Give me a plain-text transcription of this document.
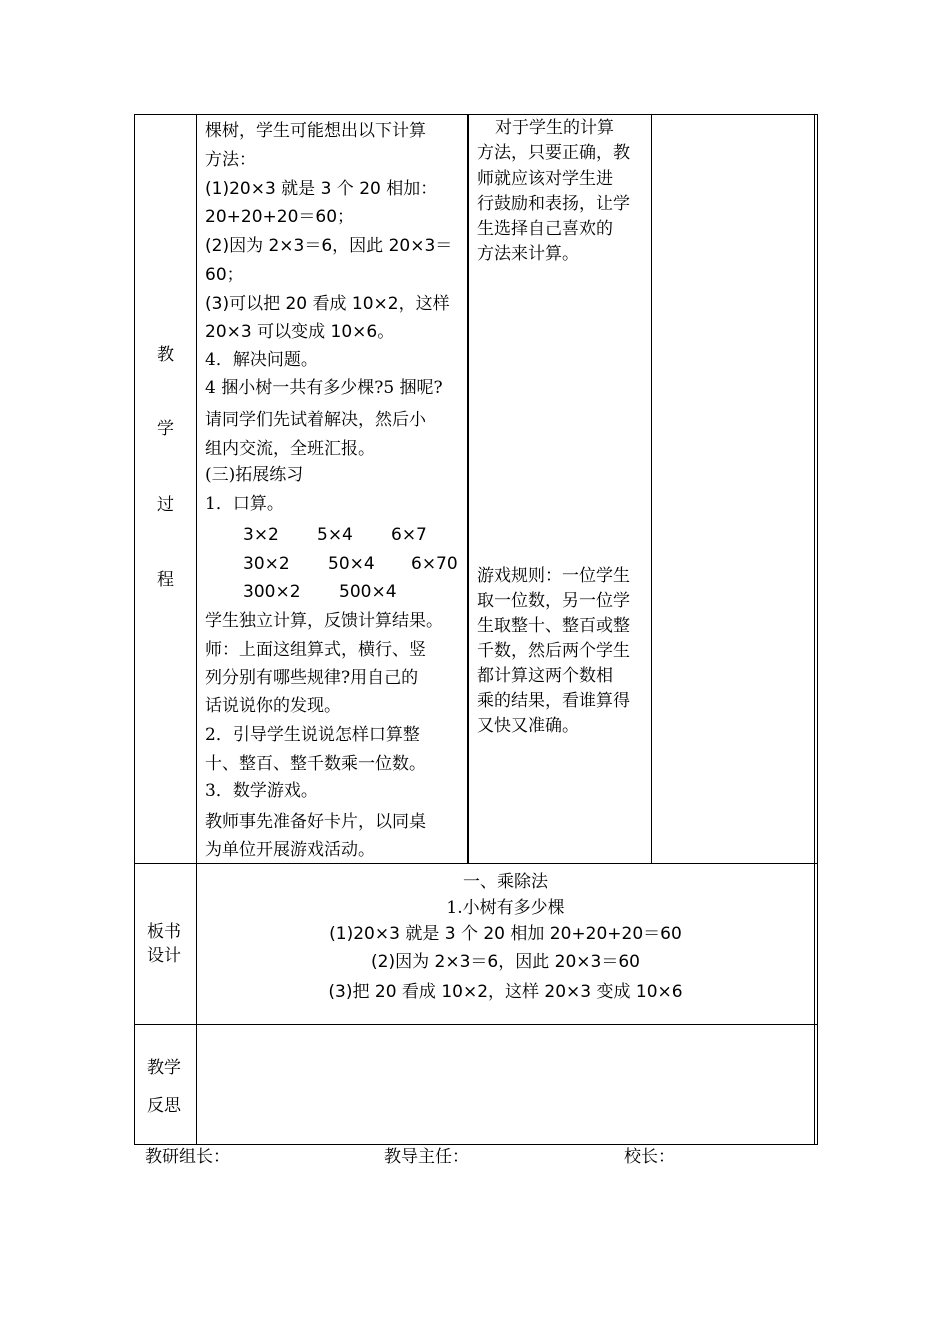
教
学
过
程
棵树，学生可能想出以下计算
方法：
(1)20×3 就是 3 个 20 相加：
20+20+20＝60；
(2)因为 2×3＝6，因此 20×3＝
60；
(3)可以把 20 看成 10×2，这样
20×3 可以变成 10×6。
4．解决问题。
4 捆小树一共有多少棵?5 捆呢?
请同学们先试着解决，然后小
组内交流，全班汇报。
(三)拓展练习
1．口算。
3×2 5×4 6×7
30×2 50×4 6×70
300×2 500×4
学生独立计算，反馈计算结果。
师：上面这组算式，横行、竖
列分别有哪些规律?用自己的
话说说你的发现。
2．引导学生说说怎样口算整
十、整百、整千数乘一位数。
3．数学游戏。
教师事先准备好卡片，以同桌
为单位开展游戏活动。
对于学生的计算
方法，只要正确，教
师就应该对学生进
行鼓励和表扬，让学
生选择自己喜欢的
方法来计算。
游戏规则：一位学生
取一位数，另一位学
生取整十、整百或整
千数，然后两个学生
都计算这两个数相
乘的结果，看谁算得
又快又准确。
板书
设计
一、乘除法
1.小树有多少棵
(1)20×3 就是 3 个 20 相加 20+20+20＝60
(2)因为 2×3＝6，因此 20×3＝60
(3)把 20 看成 10×2，这样 20×3 变成 10×6
教学
反思
教研组长：	教导主任：	校长：
